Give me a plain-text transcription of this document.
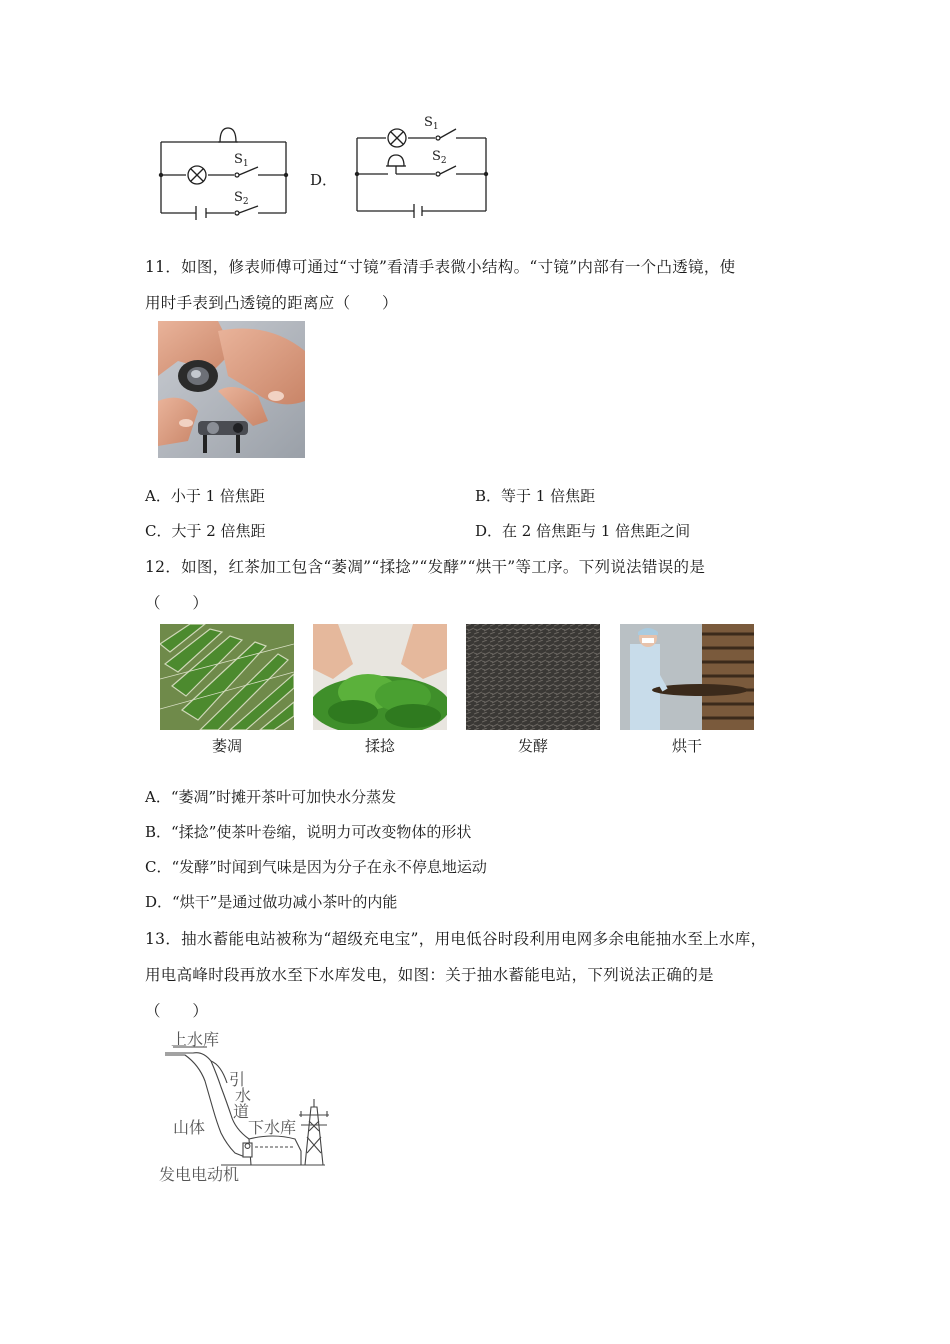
$S_1$
$S_2$
D．
$S_1$
$S_2$
11．如图，修表师傅可通过“寸镜”看清手表微小结构。“寸镜”内部有一个凸透镜，使
用时手表到凸透镜的距离应（　　）
A．小于 1 倍焦距	B．等于 1 倍焦距
C．大于 2 倍焦距	D．在 2 倍焦距与 1 倍焦距之间
12．如图，红茶加工包含“萎凋”“揉捻”“发酵”“烘干”等工序。下列说法错误的是
（　　）
萎凋	揉捻	发酵	烘干
A．“萎凋”时摊开茶叶可加快水分蒸发
B．“揉捻”使茶叶卷缩，说明力可改变物体的形状
C．“发酵”时闻到气味是因为分子在永不停息地运动
D．“烘干”是通过做功减小茶叶的内能
13．抽水蓄能电站被称为“超级充电宝”，用电低谷时段利用电网多余电能抽水至上水库，
用电高峰时段再放水至下水库发电，如图：关于抽水蓄能电站，下列说法正确的是
（　　）
上水库
引
水
道
山体	下水库
发电电动机
